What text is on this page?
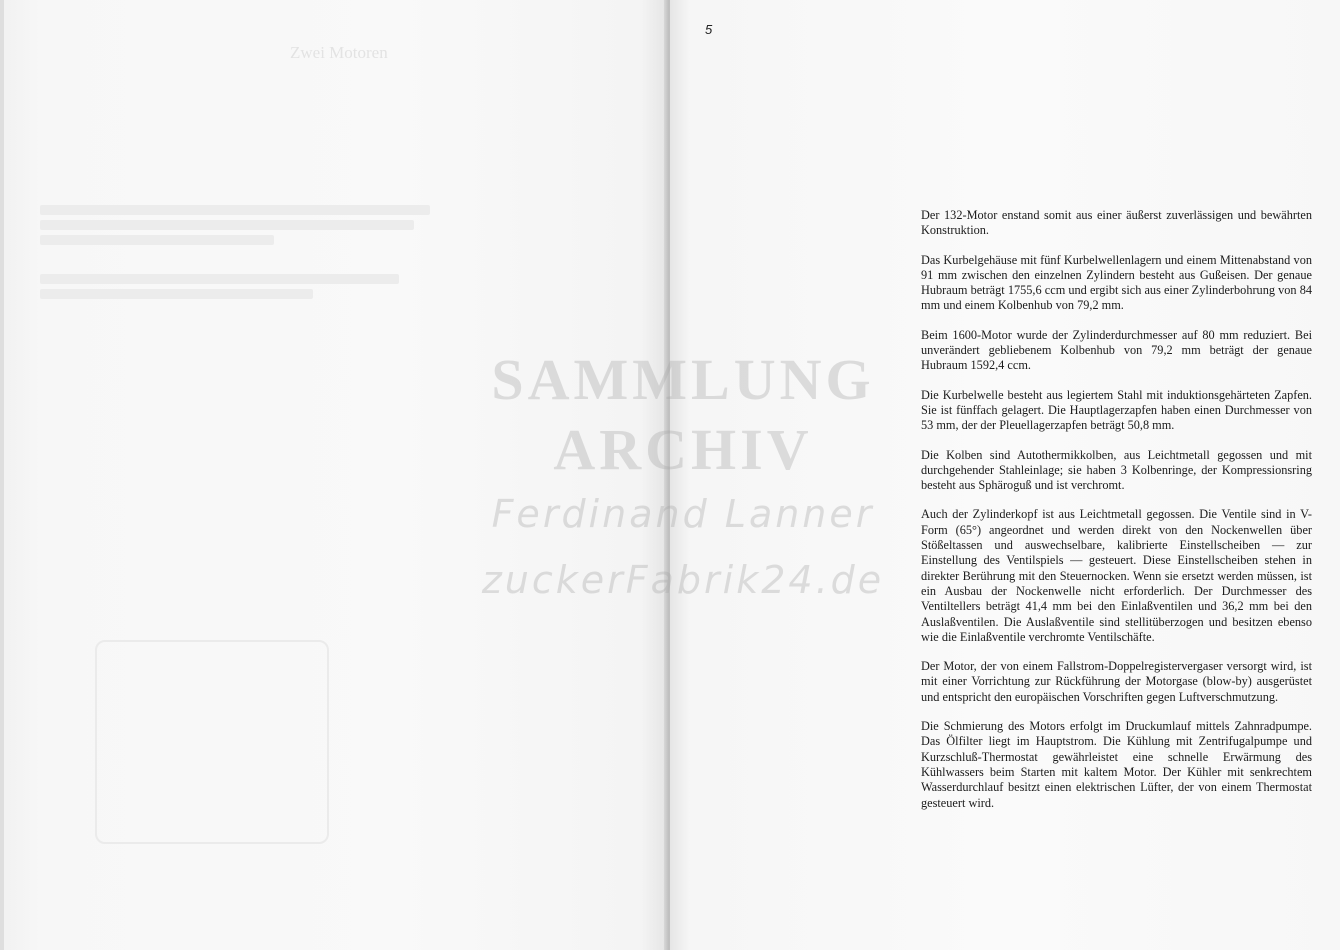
Zwei Motoren
5
SAMMLUNG
ARCHIV
Ferdinand Lanner
zuckerFabrik24.de

Der 132-Motor enstand somit aus einer äußerst zuverlässigen und bewährten Konstruktion.

Das Kurbelgehäuse mit fünf Kurbelwellenlagern und einem Mittenabstand von 91 mm zwischen den einzelnen Zylindern besteht aus Gußeisen. Der genaue Hubraum beträgt 1755,6 ccm und ergibt sich aus einer Zylinderbohrung von 84 mm und einem Kolbenhub von 79,2 mm.

Beim 1600-Motor wurde der Zylinderdurchmesser auf 80 mm reduziert. Bei unverändert gebliebenem Kolbenhub von 79,2 mm beträgt der genaue Hubraum 1592,4 ccm.

Die Kurbelwelle besteht aus legiertem Stahl mit induktionsgehärteten Zapfen. Sie ist fünffach gelagert. Die Hauptlagerzapfen haben einen Durchmesser von 53 mm, der der Pleuellagerzapfen beträgt 50,8 mm.

Die Kolben sind Autothermikkolben, aus Leichtmetall gegossen und mit durchgehender Stahleinlage; sie haben 3 Kolbenringe, der Kompressionsring besteht aus Sphäroguß und ist verchromt.

Auch der Zylinderkopf ist aus Leichtmetall gegossen. Die Ventile sind in V-Form (65°) angeordnet und werden direkt von den Nockenwellen über Stößeltassen und auswechselbare, kalibrierte Einstellscheiben — zur Einstellung des Ventilspiels — gesteuert. Diese Einstellscheiben stehen in direkter Berührung mit den Steuernocken. Wenn sie ersetzt werden müssen, ist ein Ausbau der Nockenwelle nicht erforderlich. Der Durchmesser des Ventiltellers beträgt 41,4 mm bei den Einlaßventilen und 36,2 mm bei den Auslaßventilen. Die Auslaßventile sind stellitüberzogen und besitzen ebenso wie die Einlaßventile verchromte Ventilschäfte.

Der Motor, der von einem Fallstrom-Doppelregistervergaser versorgt wird, ist mit einer Vorrichtung zur Rückführung der Motorgase (blow-by) ausgerüstet und entspricht den europäischen Vorschriften gegen Luftverschmutzung.

Die Schmierung des Motors erfolgt im Druckumlauf mittels Zahnradpumpe. Das Ölfilter liegt im Hauptstrom. Die Kühlung mit Zentrifugalpumpe und Kurzschluß-Thermostat gewährleistet eine schnelle Erwärmung des Kühlwassers beim Starten mit kaltem Motor. Der Kühler mit senkrechtem Wasserdurchlauf besitzt einen elektrischen Lüfter, der von einem Thermostat gesteuert wird.
